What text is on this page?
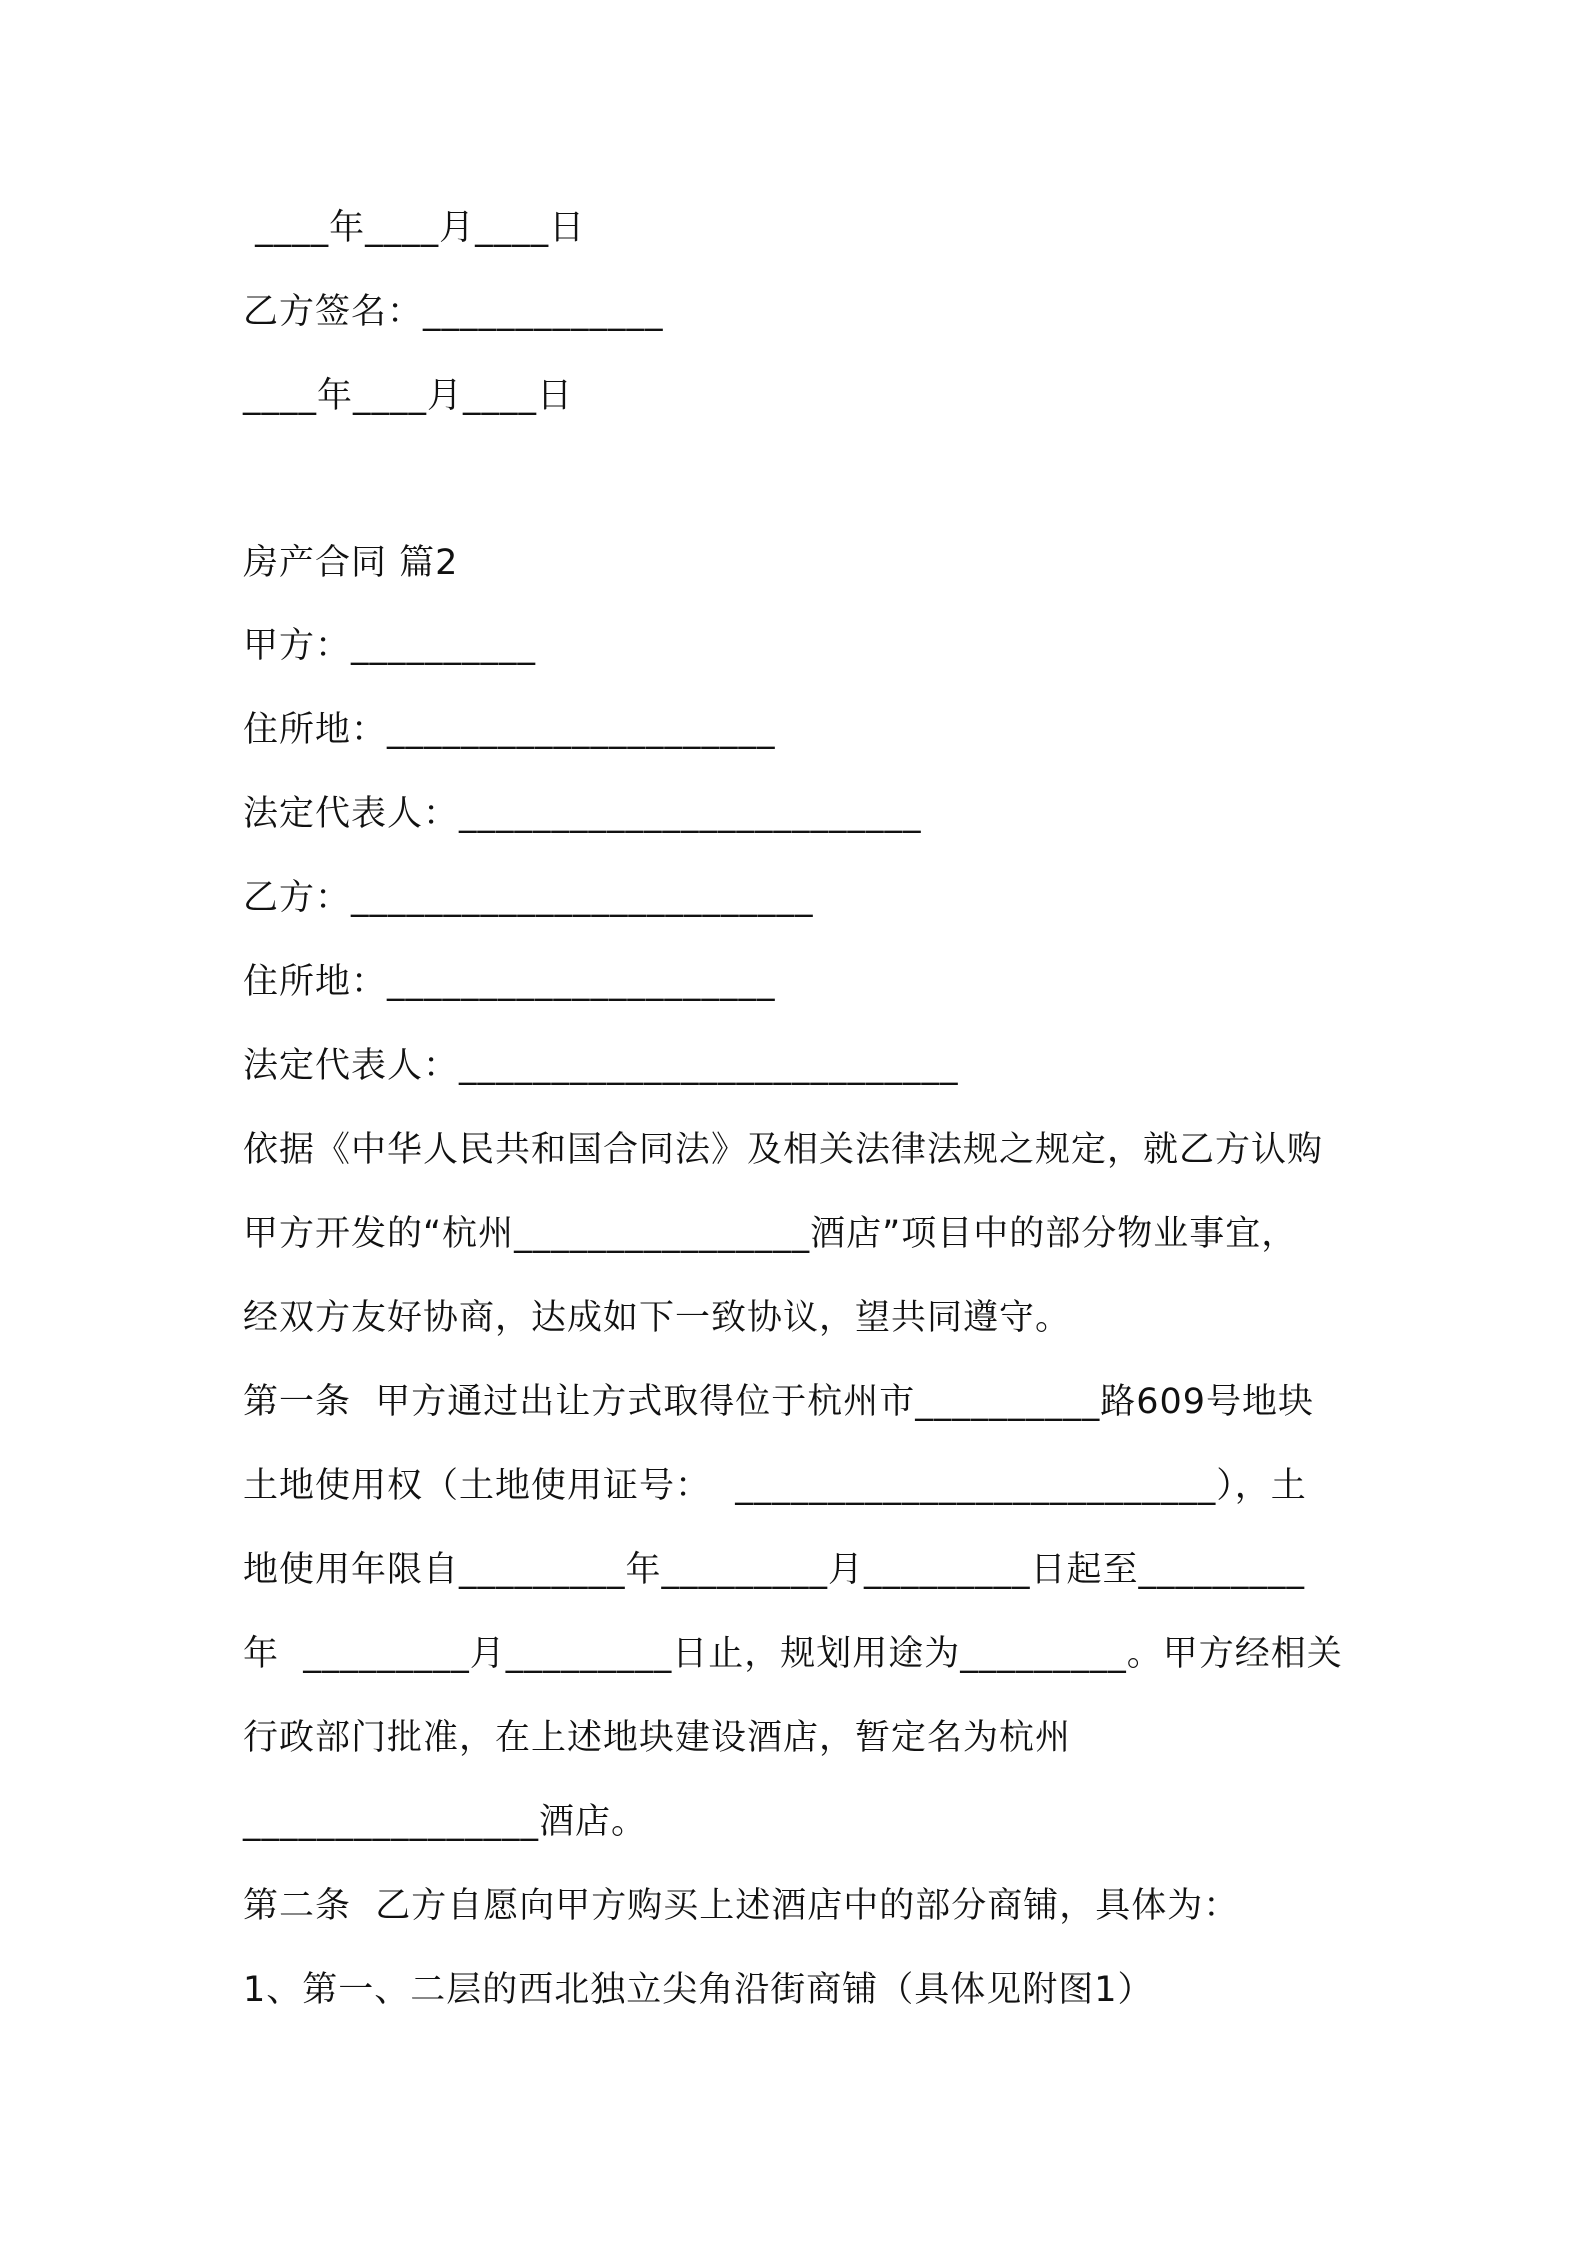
____年____月____日
乙方签名：_____________
____年____月____日
房产合同 篇2
甲方：__________
住所地：_____________________
法定代表人：_________________________
乙方：_________________________
住所地：_____________________
法定代表人：___________________________
依据《中华人民共和国合同法》及相关法律法规之规定，就乙方认购
甲方开发的“杭州________________酒店”项目中的部分物业事宜，
经双方友好协商，达成如下一致协议，望共同遵守。
第一条  甲方通过出让方式取得位于杭州市__________路609号地块
土地使用权（土地使用证号：  __________________________），土
地使用年限自_________年_________月_________日起至_________
年  _________月_________日止，规划用途为_________。甲方经相关
行政部门批准，在上述地块建设酒店，暂定名为杭州
________________酒店。
第二条  乙方自愿向甲方购买上述酒店中的部分商铺，具体为：
1、第一、二层的西北独立尖角沿街商铺（具体见附图1）
